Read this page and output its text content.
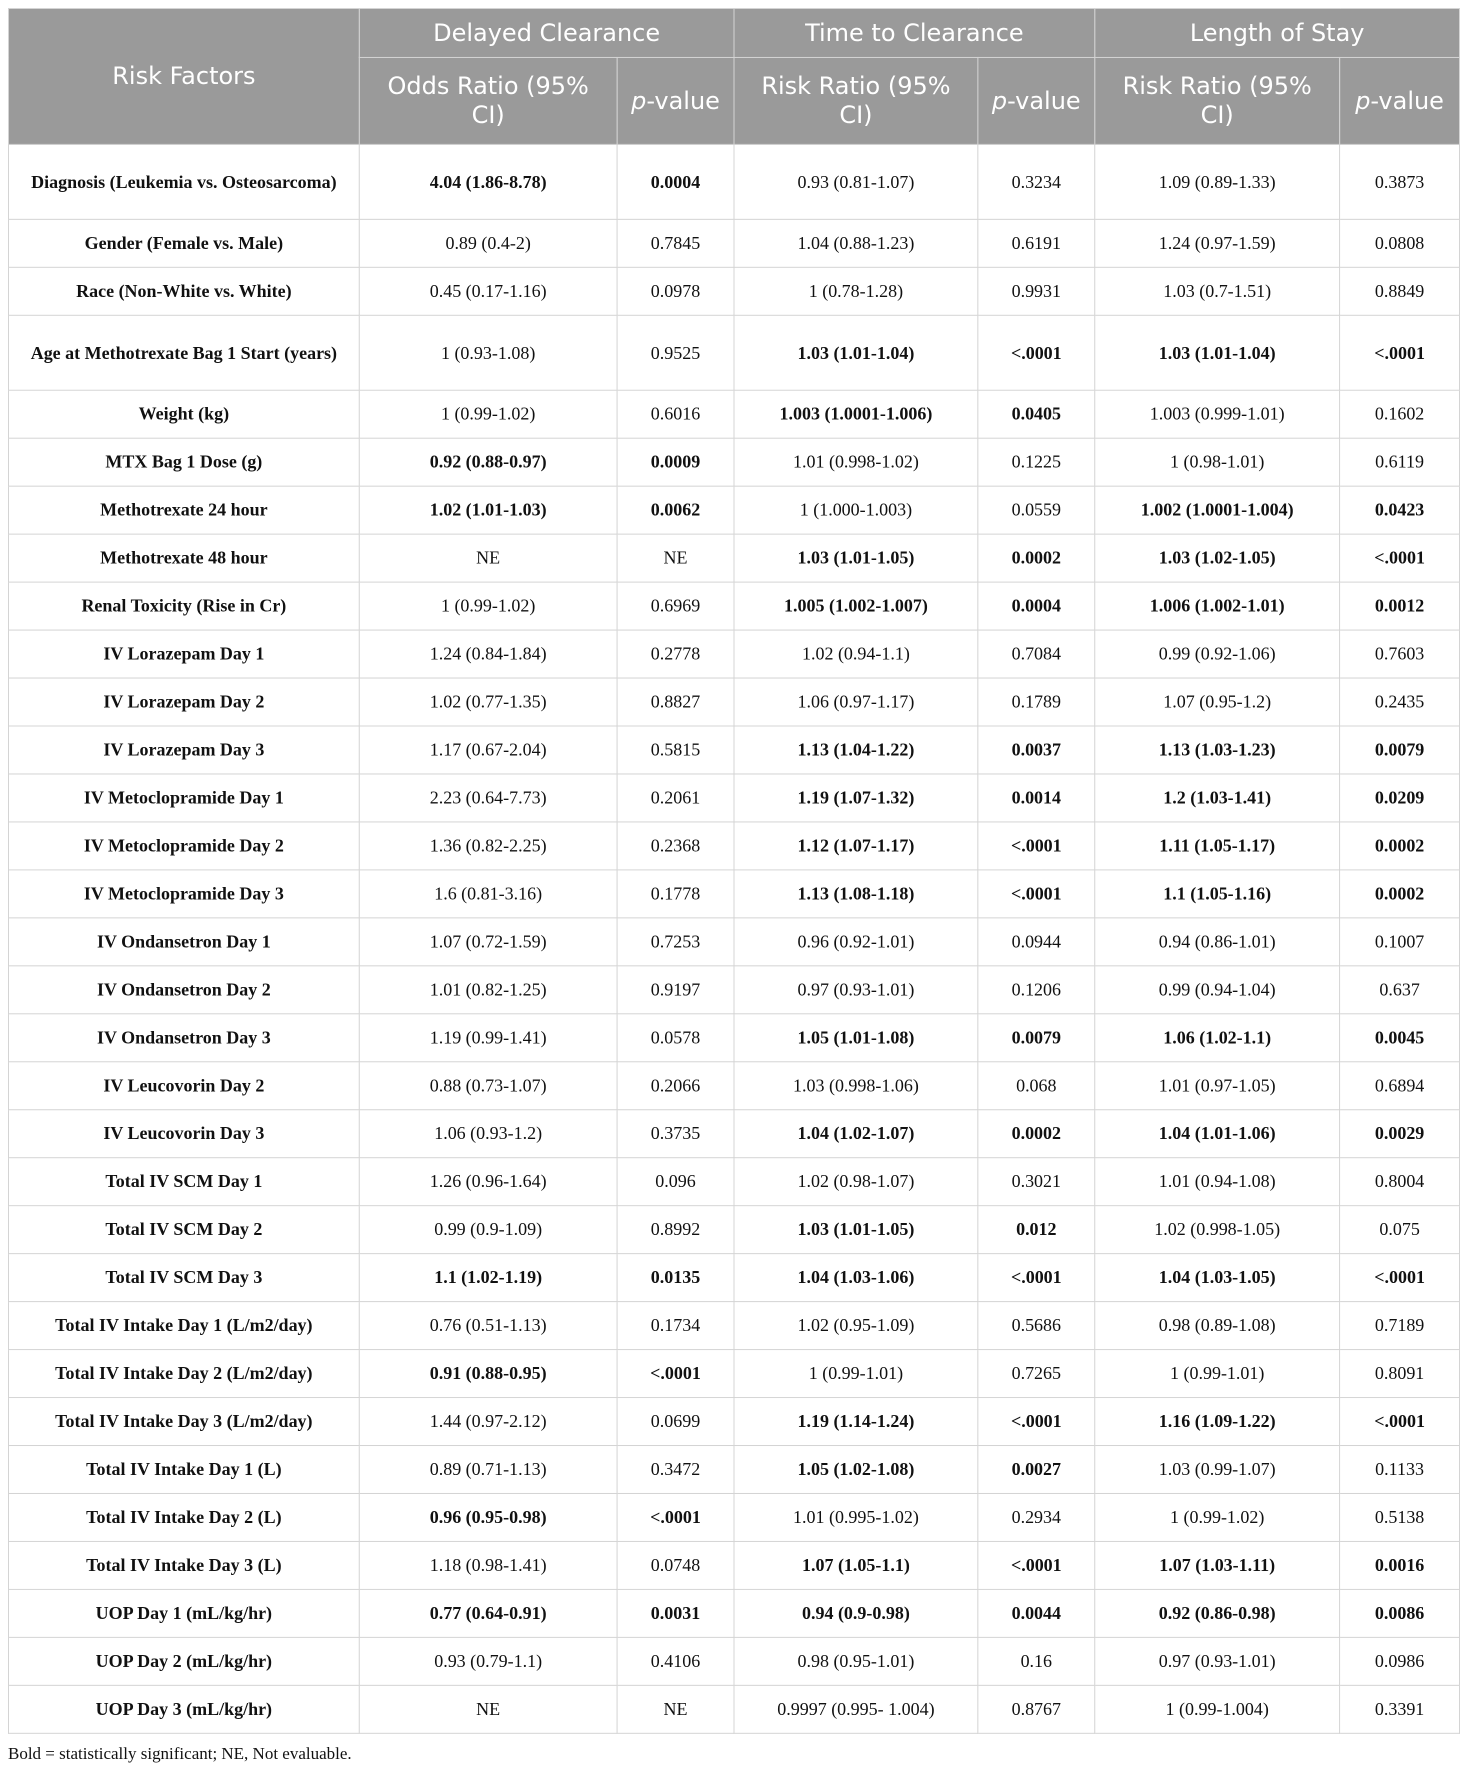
Risk Factors	Delayed Clearance		Time to Clearance		Length of Stay	
	Odds Ratio (95% CI)	p-value	Risk Ratio (95% CI)	p-value	Risk Ratio (95% CI)	p-value
Diagnosis (Leukemia vs. Osteosarcoma)	4.04 (1.86-8.78)	0.0004	0.93 (0.81-1.07)	0.3234	1.09 (0.89-1.33)	0.3873
Gender (Female vs. Male)	0.89 (0.4-2)	0.7845	1.04 (0.88-1.23)	0.6191	1.24 (0.97-1.59)	0.0808
Race (Non-White vs. White)	0.45 (0.17-1.16)	0.0978	1 (0.78-1.28)	0.9931	1.03 (0.7-1.51)	0.8849
Age at Methotrexate Bag 1 Start (years)	1 (0.93-1.08)	0.9525	1.03 (1.01-1.04)	<.0001	1.03 (1.01-1.04)	<.0001
Weight (kg)	1 (0.99-1.02)	0.6016	1.003 (1.0001-1.006)	0.0405	1.003 (0.999-1.01)	0.1602
MTX Bag 1 Dose (g)	0.92 (0.88-0.97)	0.0009	1.01 (0.998-1.02)	0.1225	1 (0.98-1.01)	0.6119
Methotrexate 24 hour	1.02 (1.01-1.03)	0.0062	1 (1.000-1.003)	0.0559	1.002 (1.0001-1.004)	0.0423
Methotrexate 48 hour	NE	NE	1.03 (1.01-1.05)	0.0002	1.03 (1.02-1.05)	<.0001
Renal Toxicity (Rise in Cr)	1 (0.99-1.02)	0.6969	1.005 (1.002-1.007)	0.0004	1.006 (1.002-1.01)	0.0012
IV Lorazepam Day 1	1.24 (0.84-1.84)	0.2778	1.02 (0.94-1.1)	0.7084	0.99 (0.92-1.06)	0.7603
IV Lorazepam Day 2	1.02 (0.77-1.35)	0.8827	1.06 (0.97-1.17)	0.1789	1.07 (0.95-1.2)	0.2435
IV Lorazepam Day 3	1.17 (0.67-2.04)	0.5815	1.13 (1.04-1.22)	0.0037	1.13 (1.03-1.23)	0.0079
IV Metoclopramide Day 1	2.23 (0.64-7.73)	0.2061	1.19 (1.07-1.32)	0.0014	1.2 (1.03-1.41)	0.0209
IV Metoclopramide Day 2	1.36 (0.82-2.25)	0.2368	1.12 (1.07-1.17)	<.0001	1.11 (1.05-1.17)	0.0002
IV Metoclopramide Day 3	1.6 (0.81-3.16)	0.1778	1.13 (1.08-1.18)	<.0001	1.1 (1.05-1.16)	0.0002
IV Ondansetron Day 1	1.07 (0.72-1.59)	0.7253	0.96 (0.92-1.01)	0.0944	0.94 (0.86-1.01)	0.1007
IV Ondansetron Day 2	1.01 (0.82-1.25)	0.9197	0.97 (0.93-1.01)	0.1206	0.99 (0.94-1.04)	0.637
IV Ondansetron Day 3	1.19 (0.99-1.41)	0.0578	1.05 (1.01-1.08)	0.0079	1.06 (1.02-1.1)	0.0045
IV Leucovorin Day 2	0.88 (0.73-1.07)	0.2066	1.03 (0.998-1.06)	0.068	1.01 (0.97-1.05)	0.6894
IV Leucovorin Day 3	1.06 (0.93-1.2)	0.3735	1.04 (1.02-1.07)	0.0002	1.04 (1.01-1.06)	0.0029
Total IV SCM Day 1	1.26 (0.96-1.64)	0.096	1.02 (0.98-1.07)	0.3021	1.01 (0.94-1.08)	0.8004
Total IV SCM Day 2	0.99 (0.9-1.09)	0.8992	1.03 (1.01-1.05)	0.012	1.02 (0.998-1.05)	0.075
Total IV SCM Day 3	1.1 (1.02-1.19)	0.0135	1.04 (1.03-1.06)	<.0001	1.04 (1.03-1.05)	<.0001
Total IV Intake Day 1 (L/m2/day)	0.76 (0.51-1.13)	0.1734	1.02 (0.95-1.09)	0.5686	0.98 (0.89-1.08)	0.7189
Total IV Intake Day 2 (L/m2/day)	0.91 (0.88-0.95)	<.0001	1 (0.99-1.01)	0.7265	1 (0.99-1.01)	0.8091
Total IV Intake Day 3 (L/m2/day)	1.44 (0.97-2.12)	0.0699	1.19 (1.14-1.24)	<.0001	1.16 (1.09-1.22)	<.0001
Total IV Intake Day 1 (L)	0.89 (0.71-1.13)	0.3472	1.05 (1.02-1.08)	0.0027	1.03 (0.99-1.07)	0.1133
Total IV Intake Day 2 (L)	0.96 (0.95-0.98)	<.0001	1.01 (0.995-1.02)	0.2934	1 (0.99-1.02)	0.5138
Total IV Intake Day 3 (L)	1.18 (0.98-1.41)	0.0748	1.07 (1.05-1.1)	<.0001	1.07 (1.03-1.11)	0.0016
UOP Day 1 (mL/kg/hr)	0.77 (0.64-0.91)	0.0031	0.94 (0.9-0.98)	0.0044	0.92 (0.86-0.98)	0.0086
UOP Day 2 (mL/kg/hr)	0.93 (0.79-1.1)	0.4106	0.98 (0.95-1.01)	0.16	0.97 (0.93-1.01)	0.0986
UOP Day 3 (mL/kg/hr)	NE	NE	0.9997 (0.995- 1.004)	0.8767	1 (0.99-1.004)	0.3391
Bold = statistically significant; NE, Not evaluable.
